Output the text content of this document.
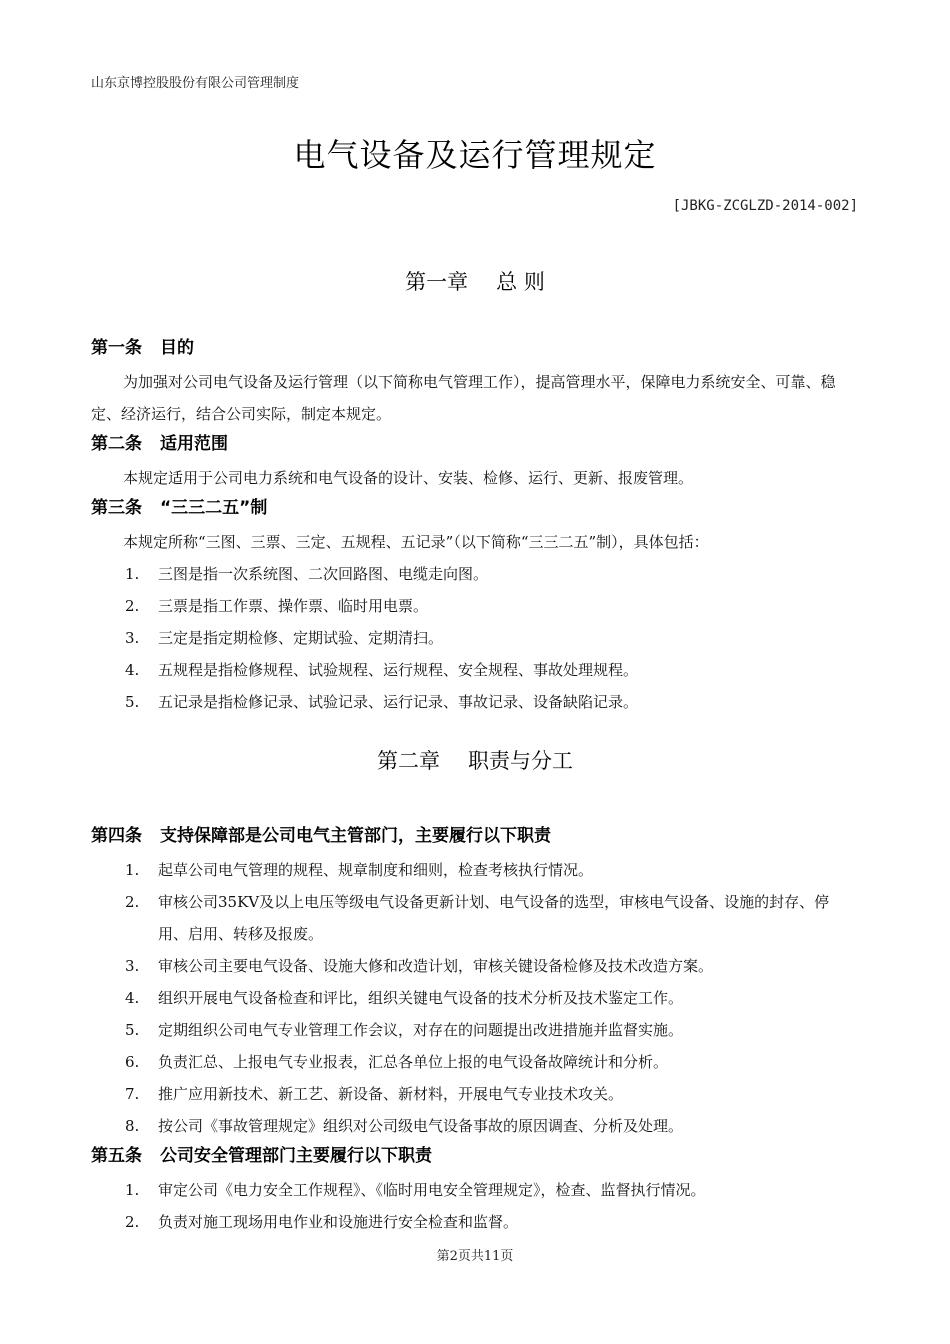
山东京博控股股份有限公司管理制度
电气设备及运行管理规定
[JBKG-ZCGLZD-2014-002]
第一章 总 则
第一条 目的
为加强对公司电气设备及运行管理（以下简称电气管理工作），提高管理水平，保障电力系统安全、可靠、稳定、经济运行，结合公司实际，制定本规定。
第二条 适用范围
本规定适用于公司电力系统和电气设备的设计、安装、检修、运行、更新、报废管理。
第三条 “三三二五”制
本规定所称“三图、三票、三定、五规程、五记录”（以下简称“三三二五”制），具体包括：
1.	三图是指一次系统图、二次回路图、电缆走向图。
2.	三票是指工作票、操作票、临时用电票。
3.	三定是指定期检修、定期试验、定期清扫。
4.	五规程是指检修规程、试验规程、运行规程、安全规程、事故处理规程。
5.	五记录是指检修记录、试验记录、运行记录、事故记录、设备缺陷记录。
第二章 职责与分工
第四条 支持保障部是公司电气主管部门，主要履行以下职责
1.	起草公司电气管理的规程、规章制度和细则，检查考核执行情况。
2.	审核公司35KV及以上电压等级电气设备更新计划、电气设备的选型，审核电气设备、设施的封存、停用、启用、转移及报废。
3.	审核公司主要电气设备、设施大修和改造计划，审核关键设备检修及技术改造方案。
4.	组织开展电气设备检查和评比，组织关键电气设备的技术分析及技术鉴定工作。
5.	定期组织公司电气专业管理工作会议，对存在的问题提出改进措施并监督实施。
6.	负责汇总、上报电气专业报表，汇总各单位上报的电气设备故障统计和分析。
7.	推广应用新技术、新工艺、新设备、新材料，开展电气专业技术攻关。
8.	按公司《事故管理规定》组织对公司级电气设备事故的原因调查、分析及处理。
第五条 公司安全管理部门主要履行以下职责
1.	审定公司《电力安全工作规程》、《临时用电安全管理规定》，检查、监督执行情况。
2.	负责对施工现场用电作业和设施进行安全检查和监督。
第2页共11页
